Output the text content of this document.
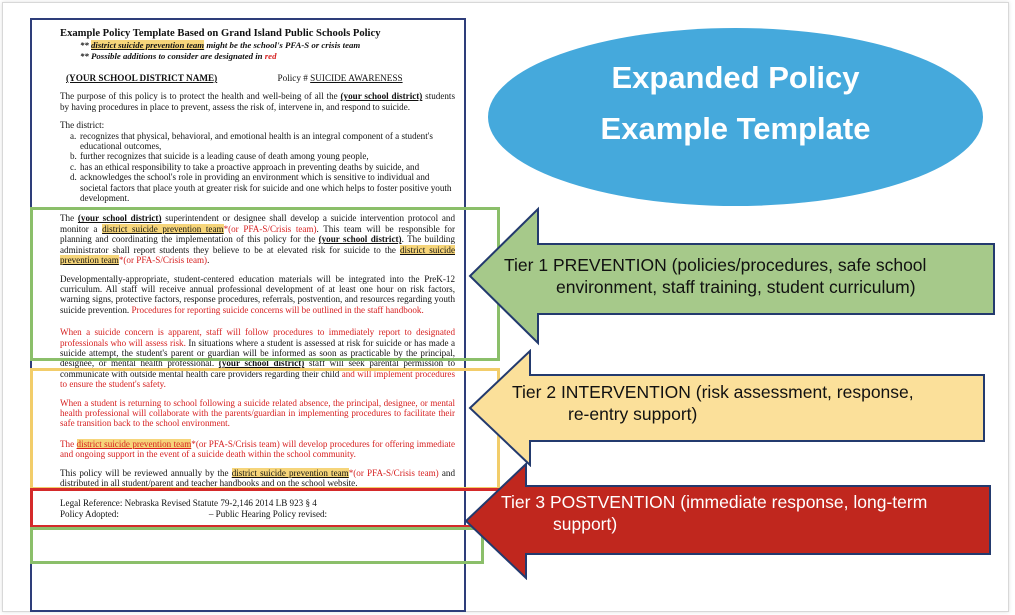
Example Policy Template Based on Grand Island Public Schools Policy
** district suicide prevention team might be the school's PFA-S or crisis team
** Possible additions to consider are designated in red
(YOUR SCHOOL DISTRICT NAME)	Policy # SUICIDE AWARENESS

The purpose of this policy is to protect the health and well-being of all the (your school district) students by having procedures in place to prevent, assess the risk of, intervene in, and respond to suicide.

The district:
a. recognizes that physical, behavioral, and emotional health is an integral component of a student's educational outcomes,
b. further recognizes that suicide is a leading cause of death among young people,
c. has an ethical responsibility to take a proactive approach in preventing deaths by suicide, and
d. acknowledges the school's role in providing an environment which is sensitive to individual and societal factors that place youth at greater risk for suicide and one which helps to foster positive youth development.

The (your school district) superintendent or designee shall develop a suicide intervention protocol and monitor a district suicide prevention team*(or PFA-S/Crisis team). This team will be responsible for planning and coordinating the implementation of this policy for the (your school district). The building administrator shall report students they believe to be at elevated risk for suicide to the district suicide prevention team*(or PFA-S/Crisis team).

Developmentally-appropriate, student-centered education materials will be integrated into the PreK-12 curriculum. All staff will receive annual professional development of at least one hour on risk factors, warning signs, protective factors, response procedures, referrals, postvention, and resources regarding youth suicide prevention. Procedures for reporting suicide concerns will be outlined in the staff handbook.

When a suicide concern is apparent, staff will follow procedures to immediately report to designated professionals who will assess risk. In situations where a student is assessed at risk for suicide or has made a suicide attempt, the student's parent or guardian will be informed as soon as practicable by the principal, designee, or mental health professional. (your school district) staff will seek parental permission to communicate with outside mental health care providers regarding their child and will implement procedures to ensure the student's safety.

When a student is returning to school following a suicide related absence, the principal, designee, or mental health professional will collaborate with the parents/guardian in implementing procedures to facilitate their safe transition back to the school environment.

The district suicide prevention team*(or PFA-S/Crisis team) will develop procedures for offering immediate and ongoing support in the event of a suicide death within the school community.

This policy will be reviewed annually by the district suicide prevention team*(or PFA-S/Crisis team) and distributed in all student/parent and teacher handbooks and on the school website.

Legal Reference: Nebraska Revised Statute 79-2,146 2014 LB 923 § 4
Policy Adopted:	– Public Hearing Policy revised:
Expanded Policy
Example Template
Tier 1 PREVENTION (policies/procedures, safe school
environment, staff training, student curriculum)
Tier 2 INTERVENTION (risk assessment, response,
re-entry support)
Tier 3 POSTVENTION (immediate response, long-term
support)
